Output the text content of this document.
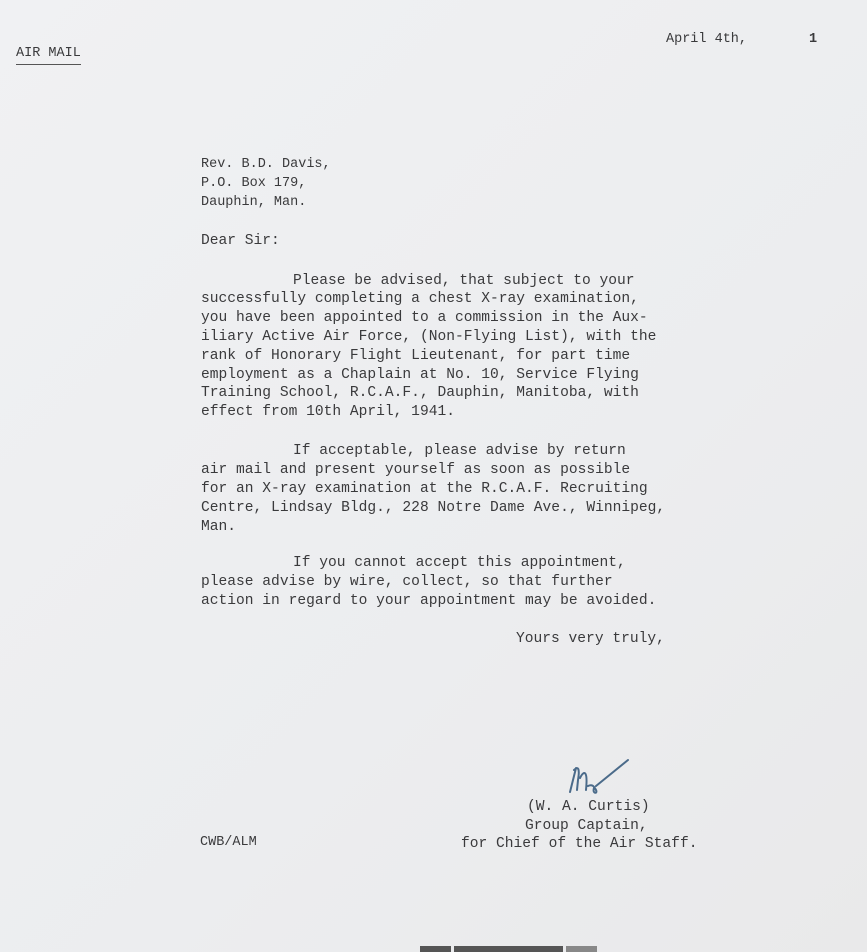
AIR MAIL
April 4th,	1
Rev. B.D. Davis,
P.O. Box 179,
Dauphin, Man.
Dear Sir:
Please be advised, that subject to your
successfully completing a chest X-ray examination,
you have been appointed to a commission in the Aux-
iliary Active Air Force, (Non-Flying List), with the
rank of Honorary Flight Lieutenant, for part time
employment as a Chaplain at No. 10, Service Flying
Training School, R.C.A.F., Dauphin, Manitoba, with
effect from 10th April, 1941.
If acceptable, please advise by return
air mail and present yourself as soon as possible
for an X-ray examination at the R.C.A.F. Recruiting
Centre, Lindsay Bldg., 228 Notre Dame Ave., Winnipeg,
Man.
If you cannot accept this appointment,
please advise by wire, collect, so that further
action in regard to your appointment may be avoided.
Yours very truly,
(W. A. Curtis)
Group Captain,
for Chief of the Air Staff.
CWB/ALM
